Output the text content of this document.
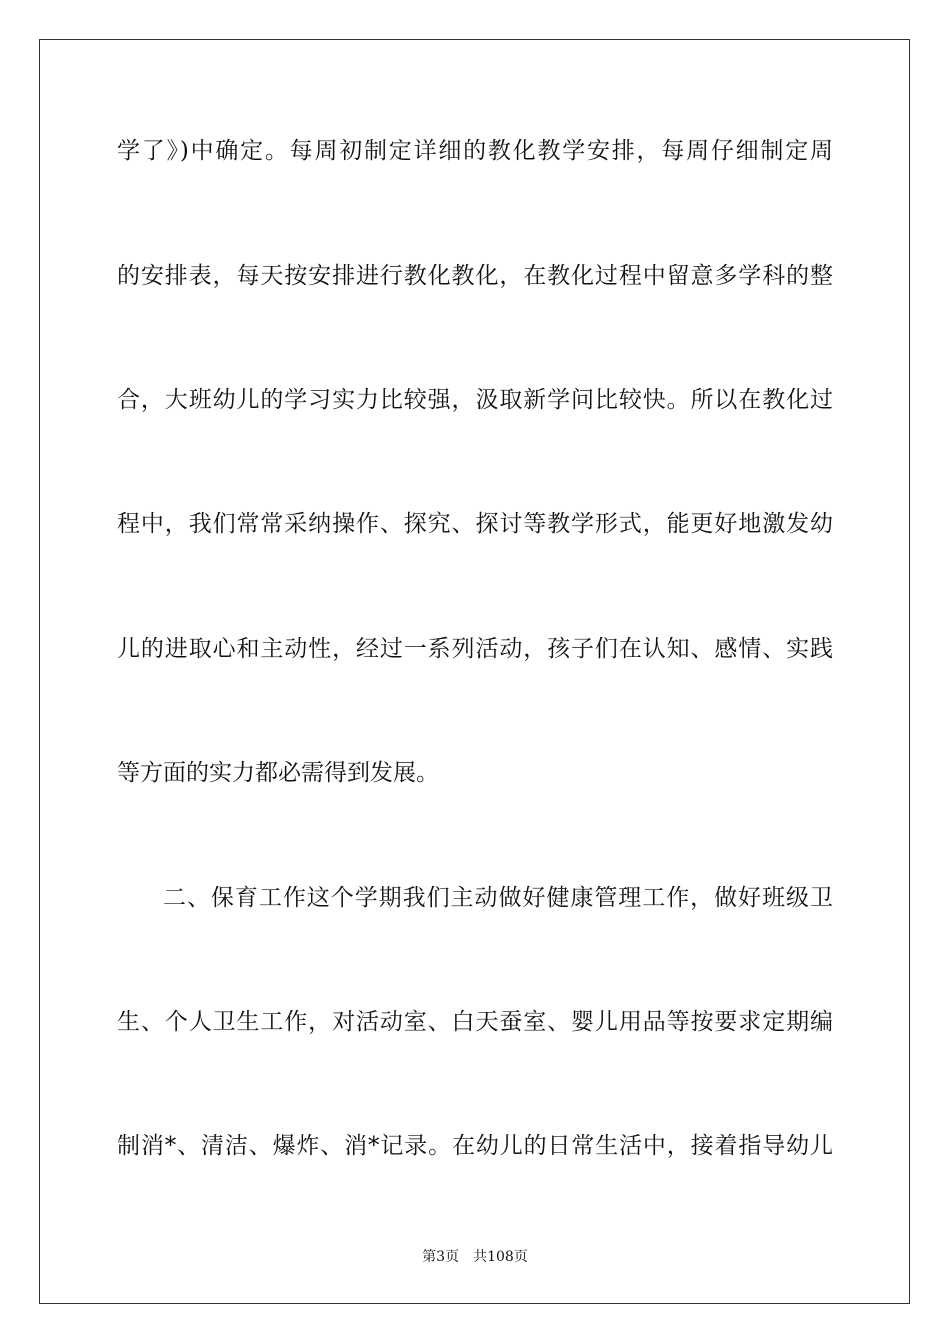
学了》)中确定。每周初制定详细的教化教学安排，每周仔细制定周
的安排表，每天按安排进行教化教化，在教化过程中留意多学科的整
合，大班幼儿的学习实力比较强，汲取新学问比较快。所以在教化过
程中，我们常常采纳操作、探究、探讨等教学形式，能更好地激发幼
儿的进取心和主动性，经过一系列活动，孩子们在认知、感情、实践
等方面的实力都必需得到发展。
二、保育工作这个学期我们主动做好健康管理工作，做好班级卫
生、个人卫生工作，对活动室、白天蚕室、婴儿用品等按要求定期编
制消*、清洁、爆炸、消*记录。在幼儿的日常生活中，接着指导幼儿
第3页 共108页
